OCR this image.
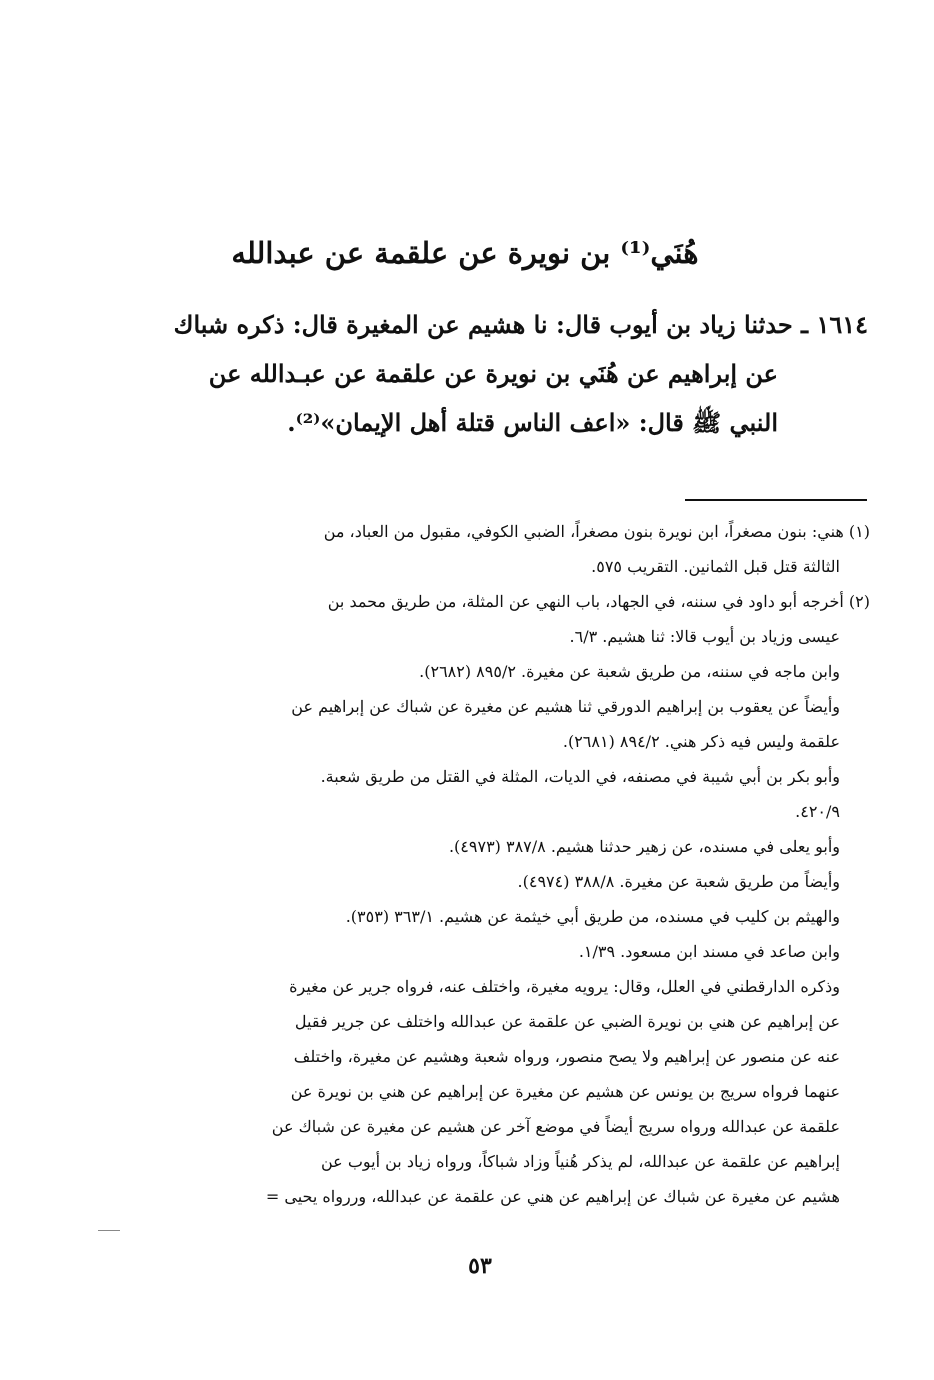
هُنَي⁽¹⁾ بن نويرة عن علقمة عن عبدالله
١٦١٤ ـ حدثنا زياد بن أيوب قال: نا هشيم عن المغيرة قال: ذكره شباك
عن إبراهيم عن هُنَي بن نويرة عن علقمة عن عبـدالله عن
النبي ﷺ قال: «اعف الناس قتلة أهل الإيمان»⁽²⁾.
(١) هني: بنون مصغراً، ابن نويرة بنون مصغراً، الضبي الكوفي، مقبول من العباد، من
الثالثة قتل قبل الثمانين. التقريب ٥٧٥.
(٢) أخرجه أبو داود في سننه، في الجهاد، باب النهي عن المثلة، من طريق محمد بن
عيسى وزياد بن أيوب قالا: ثنا هشيم. ٦/٣.
وابن ماجه في سننه، من طريق شعبة عن مغيرة. ٨٩٥/٢ (٢٦٨٢).
وأيضاً عن يعقوب بن إبراهيم الدورقي ثنا هشيم عن مغيرة عن شباك عن إبراهيم عن
علقمة وليس فيه ذكر هني. ٨٩٤/٢ (٢٦٨١).
وأبو بكر بن أبي شيبة في مصنفه، في الديات، المثلة في القتل من طريق شعبة.
٤٢٠/٩.
وأبو يعلى في مسنده، عن زهير حدثنا هشيم. ٣٨٧/٨ (٤٩٧٣).
وأيضاً من طريق شعبة عن مغيرة. ٣٨٨/٨ (٤٩٧٤).
والهيثم بن كليب في مسنده، من طريق أبي خيثمة عن هشيم. ٣٦٣/١ (٣٥٣).
وابن صاعد في مسند ابن مسعود. ١/٣٩.
وذكره الدارقطني في العلل، وقال: يرويه مغيرة، واختلف عنه، فرواه جرير عن مغيرة
عن إبراهيم عن هني بن نويرة الضبي عن علقمة عن عبدالله واختلف عن جرير فقيل
عنه عن منصور عن إبراهيم ولا يصح منصور، ورواه شعبة وهشيم عن مغيرة، واختلف
عنهما فرواه سريج بن يونس عن هشيم عن مغيرة عن إبراهيم عن هني بن نويرة عن
علقمة عن عبدالله ورواه سريج أيضاً في موضع آخر عن هشيم عن مغيرة عن شباك عن
إبراهيم عن علقمة عن عبدالله، لم يذكر هُنياً وزاد شباكاً، ورواه زياد بن أيوب عن
هشيم عن مغيرة عن شباك عن إبراهيم عن هني عن علقمة عن عبدالله، وررواه يحيى =
٥٣
